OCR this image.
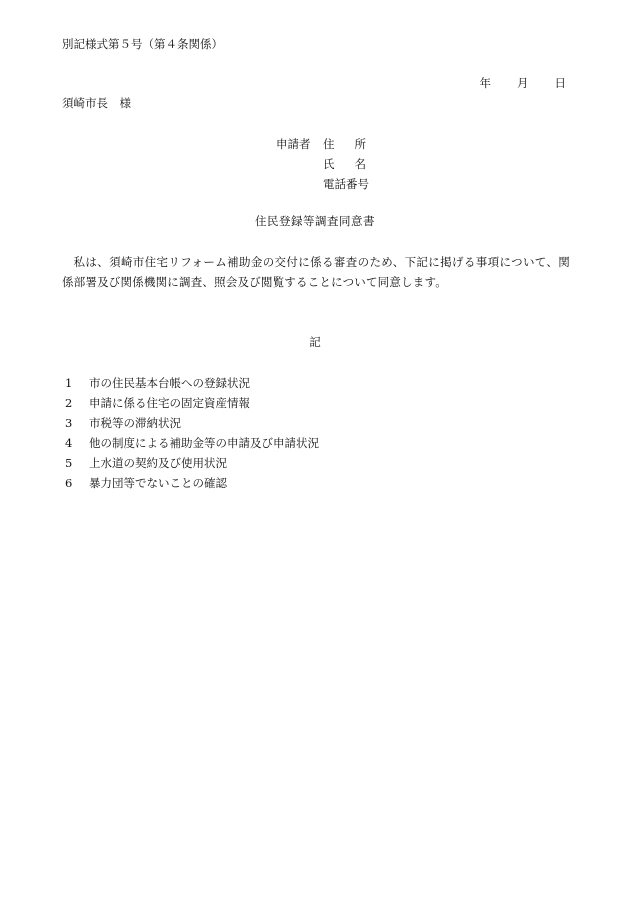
別記様式第５号（第４条関係）
年 月 日
須崎市長　様
申請者	住所
氏名
電話番号
住民登録等調査同意書

私は、須崎市住宅リフォーム補助金の交付に係る審査のため、下記に掲げる事項について、関係部署及び関係機関に調査、照会及び閲覧することについて同意します。

記
1	市の住民基本台帳への登録状況
2	申請に係る住宅の固定資産情報
3	市税等の滞納状況
4	他の制度による補助金等の申請及び申請状況
5	上水道の契約及び使用状況
6	暴力団等でないことの確認
